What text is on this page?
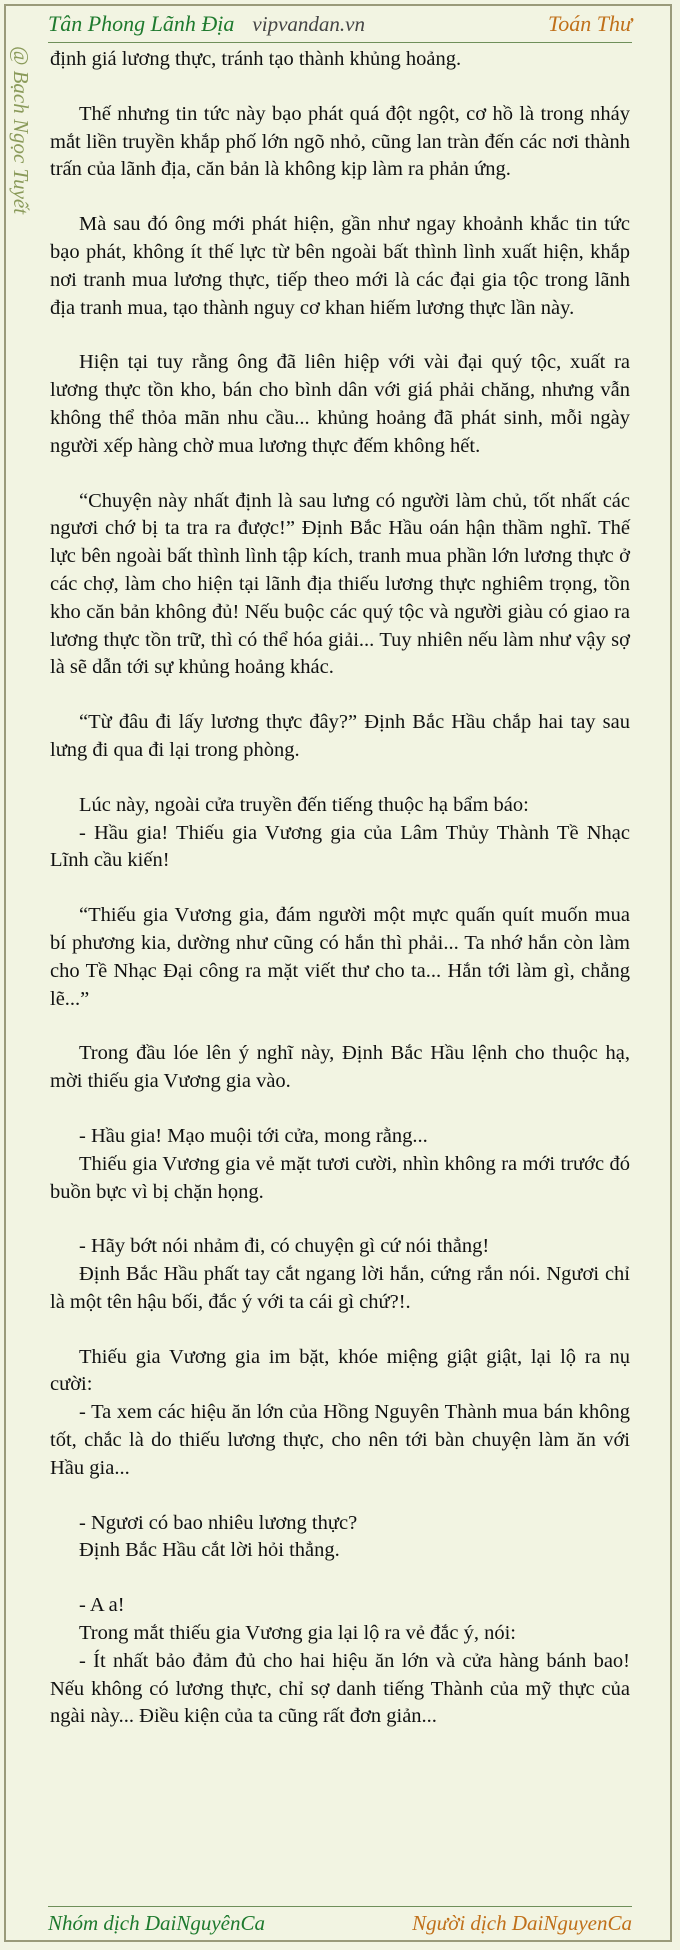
Tân Phong Lãnh Địa vipvandan.vn	Toán Thư
@ Bạch Ngọc Tuyết định giá lương thực, tránh tạo thành khủng hoảng.

Thế nhưng tin tức này bạo phát quá đột ngột, cơ hồ là trong nháy mắt liền truyền khắp phố lớn ngõ nhỏ, cũng lan tràn đến các nơi thành trấn của lãnh địa, căn bản là không kịp làm ra phản ứng.

Mà sau đó ông mới phát hiện, gần như ngay khoảnh khắc tin tức bạo phát, không ít thế lực từ bên ngoài bất thình lình xuất hiện, khắp nơi tranh mua lương thực, tiếp theo mới là các đại gia tộc trong lãnh địa tranh mua, tạo thành nguy cơ khan hiếm lương thực lần này.

Hiện tại tuy rằng ông đã liên hiệp với vài đại quý tộc, xuất ra lương thực tồn kho, bán cho bình dân với giá phải chăng, nhưng vẫn không thể thỏa mãn nhu cầu... khủng hoảng đã phát sinh, mỗi ngày người xếp hàng chờ mua lương thực đếm không hết.

“Chuyện này nhất định là sau lưng có người làm chủ, tốt nhất các ngươi chớ bị ta tra ra được!” Định Bắc Hầu oán hận thầm nghĩ. Thế lực bên ngoài bất thình lình tập kích, tranh mua phần lớn lương thực ở các chợ, làm cho hiện tại lãnh địa thiếu lương thực nghiêm trọng, tồn kho căn bản không đủ! Nếu buộc các quý tộc và người giàu có giao ra lương thực tồn trữ, thì có thể hóa giải... Tuy nhiên nếu làm như vậy sợ là sẽ dẫn tới sự khủng hoảng khác.

“Từ đâu đi lấy lương thực đây?” Định Bắc Hầu chắp hai tay sau lưng đi qua đi lại trong phòng.

Lúc này, ngoài cửa truyền đến tiếng thuộc hạ bẩm báo:

- Hầu gia! Thiếu gia Vương gia của Lâm Thủy Thành Tề Nhạc Lĩnh cầu kiến!

“Thiếu gia Vương gia, đám người một mực quấn quít muốn mua bí phương kia, dường như cũng có hắn thì phải... Ta nhớ hắn còn làm cho Tề Nhạc Đại công ra mặt viết thư cho ta... Hắn tới làm gì, chẳng lẽ...”

Trong đầu lóe lên ý nghĩ này, Định Bắc Hầu lệnh cho thuộc hạ, mời thiếu gia Vương gia vào.

- Hầu gia! Mạo muội tới cửa, mong rằng...

Thiếu gia Vương gia vẻ mặt tươi cười, nhìn không ra mới trước đó buồn bực vì bị chặn họng.

- Hãy bớt nói nhảm đi, có chuyện gì cứ nói thẳng!

Định Bắc Hầu phất tay cắt ngang lời hắn, cứng rắn nói. Ngươi chỉ là một tên hậu bối, đắc ý với ta cái gì chứ?!.

Thiếu gia Vương gia im bặt, khóe miệng giật giật, lại lộ ra nụ cười:

- Ta xem các hiệu ăn lớn của Hồng Nguyên Thành mua bán không tốt, chắc là do thiếu lương thực, cho nên tới bàn chuyện làm ăn với Hầu gia...

- Ngươi có bao nhiêu lương thực?

Định Bắc Hầu cắt lời hỏi thẳng.

- A a!

Trong mắt thiếu gia Vương gia lại lộ ra vẻ đắc ý, nói:

- Ít nhất bảo đảm đủ cho hai hiệu ăn lớn và cửa hàng bánh bao! Nếu không có lương thực, chỉ sợ danh tiếng Thành của mỹ thực của ngài này... Điều kiện của ta cũng rất đơn giản...

Nhóm dịch DaiNguyênCa	Người dịch DaiNguyenCa
